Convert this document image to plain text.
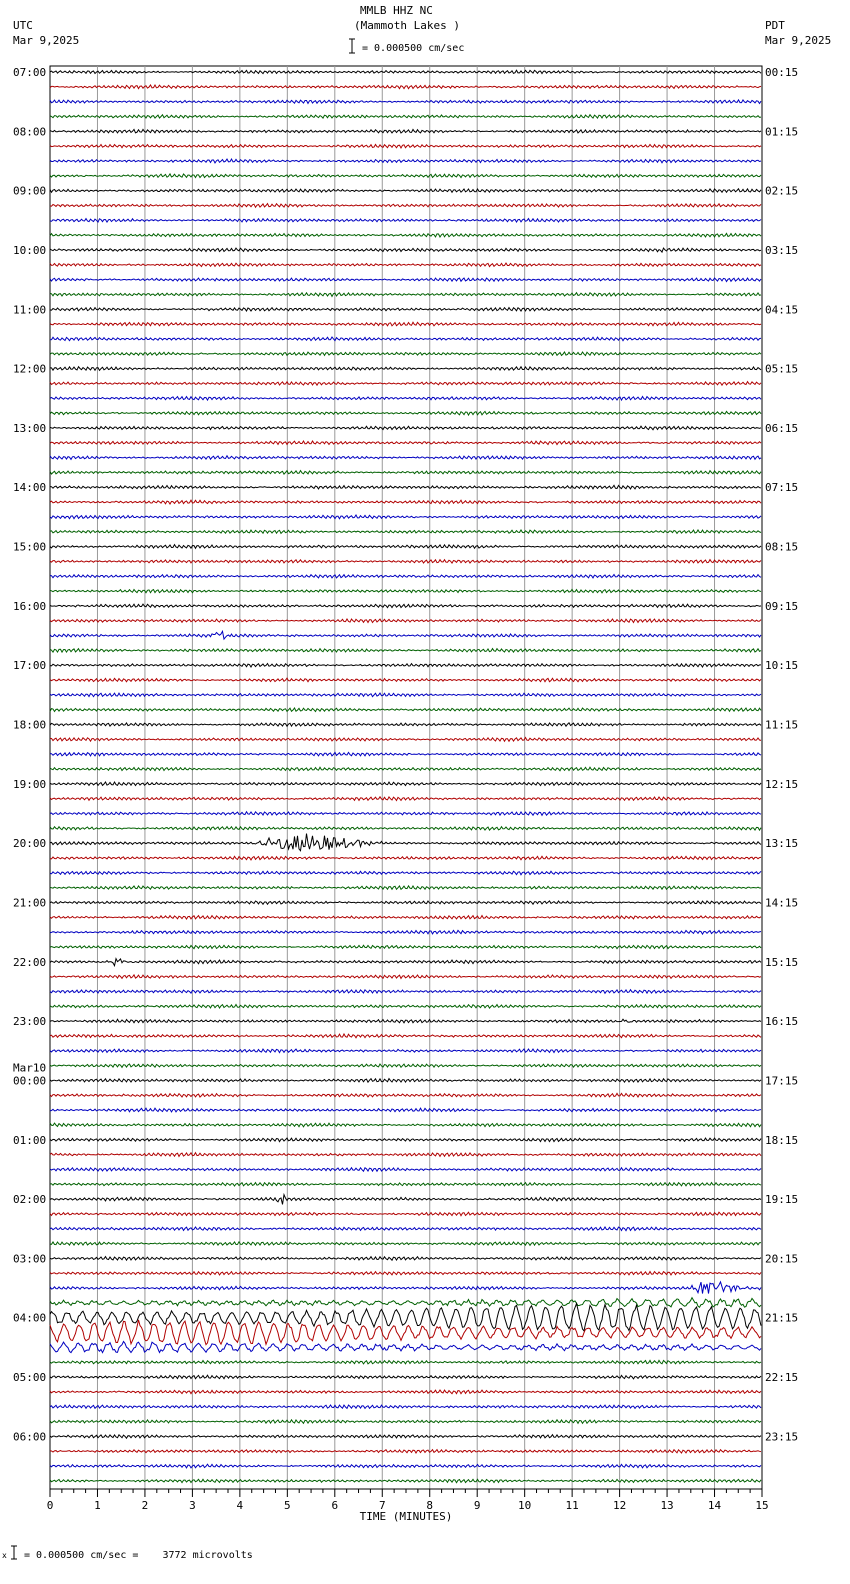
MMLB HHZ NC
(Mammoth Lakes )
= 0.000500 cm/sec
UTC
Mar 9,2025
PDT
Mar 9,2025
x = 0.000500 cm/sec =    3772 microvolts
0	1	2	3	4	5	6	7	8	9	10	11	12	13	14	15
TIME (MINUTES)
07:00
08:00
09:00
10:00
11:00
12:00
13:00
14:00
15:00
16:00
17:00
18:00
19:00
20:00
21:00
22:00
23:00
00:00
Mar10
01:00
02:00
03:00
04:00
05:00
06:00
00:15
01:15
02:15
03:15
04:15
05:15
06:15
07:15
08:15
09:15
10:15
11:15
12:15
13:15
14:15
15:15
16:15
17:15
18:15
19:15
20:15
21:15
22:15
23:15
